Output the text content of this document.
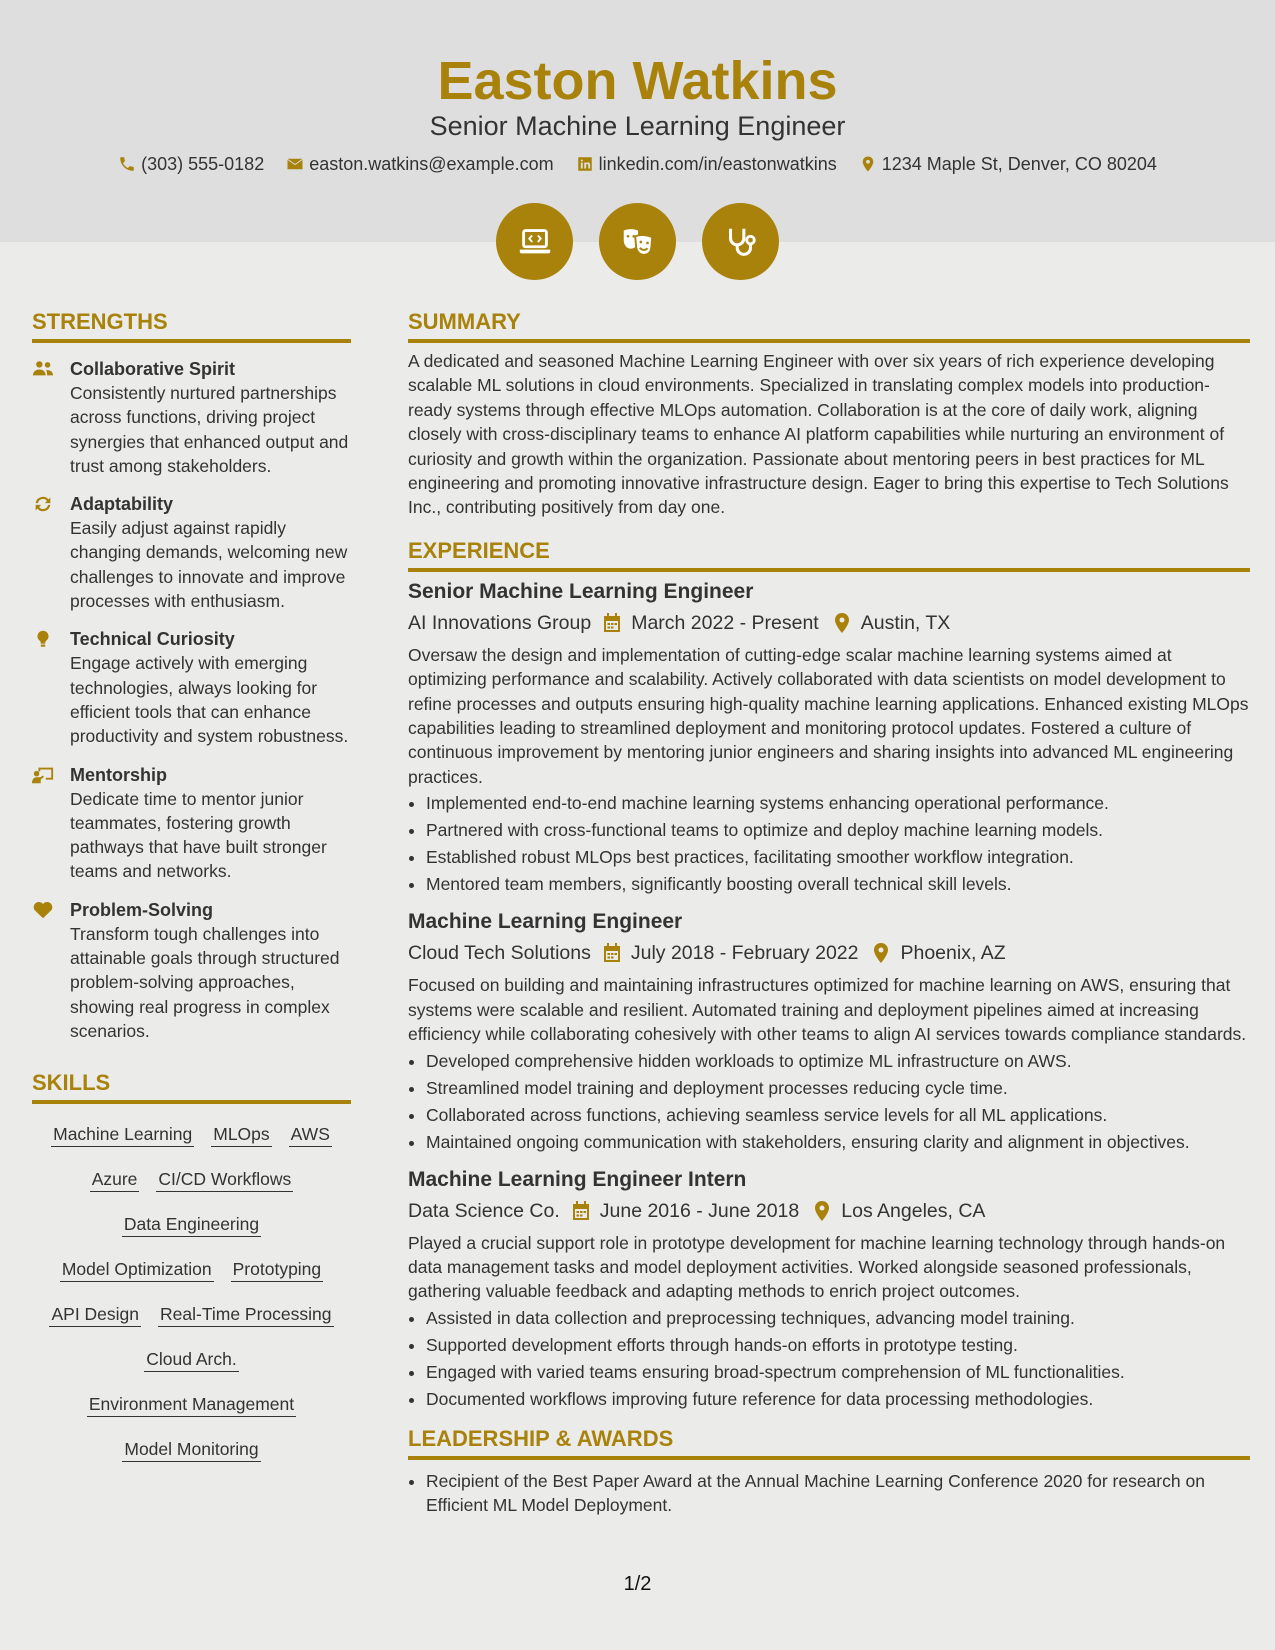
Easton Watkins
Senior Machine Learning Engineer
(303) 555-0182	easton.watkins@example.com	linkedin.com/in/eastonwatkins	1234 Maple St, Denver, CO 80204
STRENGTHS
Collaborative Spirit
Consistently nurtured partnerships across functions, driving project synergies that enhanced output and trust among stakeholders.
Adaptability
Easily adjust against rapidly changing demands, welcoming new challenges to innovate and improve processes with enthusiasm.
Technical Curiosity
Engage actively with emerging technologies, always looking for efficient tools that can enhance productivity and system robustness.
Mentorship
Dedicate time to mentor junior teammates, fostering growth pathways that have built stronger teams and networks.
Problem-Solving
Transform tough challenges into attainable goals through structured problem-solving approaches, showing real progress in complex scenarios.
SKILLS
Machine Learning MLOps AWS
Azure CI/CD Workflows
Data Engineering
Model Optimization Prototyping
API Design Real-Time Processing
Cloud Arch.
Environment Management
Model Monitoring
SUMMARY

A dedicated and seasoned Machine Learning Engineer with over six years of rich experience developing scalable ML solutions in cloud environments. Specialized in translating complex models into production-ready systems through effective MLOps automation. Collaboration is at the core of daily work, aligning closely with cross-disciplinary teams to enhance AI platform capabilities while nurturing an environment of curiosity and growth within the organization. Passionate about mentoring peers in best practices for ML engineering and promoting innovative infrastructure design. Eager to bring this expertise to Tech Solutions Inc., contributing positively from day one.

EXPERIENCE
Senior Machine Learning Engineer
AI Innovations Group March 2022 - Present Austin, TX
Oversaw the design and implementation of cutting-edge scalar machine learning systems aimed at optimizing performance and scalability. Actively collaborated with data scientists on model development to refine processes and outputs ensuring high-quality machine learning applications. Enhanced existing MLOps capabilities leading to streamlined deployment and monitoring protocol updates. Fostered a culture of continuous improvement by mentoring junior engineers and sharing insights into advanced ML engineering practices.
• Implemented end-to-end machine learning systems enhancing operational performance.
• Partnered with cross-functional teams to optimize and deploy machine learning models.
• Established robust MLOps best practices, facilitating smoother workflow integration.
• Mentored team members, significantly boosting overall technical skill levels.
Machine Learning Engineer
Cloud Tech Solutions July 2018 - February 2022 Phoenix, AZ
Focused on building and maintaining infrastructures optimized for machine learning on AWS, ensuring that systems were scalable and resilient. Automated training and deployment pipelines aimed at increasing efficiency while collaborating cohesively with other teams to align AI services towards compliance standards.
• Developed comprehensive hidden workloads to optimize ML infrastructure on AWS.
• Streamlined model training and deployment processes reducing cycle time.
• Collaborated across functions, achieving seamless service levels for all ML applications.
• Maintained ongoing communication with stakeholders, ensuring clarity and alignment in objectives.
Machine Learning Engineer Intern
Data Science Co. June 2016 - June 2018 Los Angeles, CA
Played a crucial support role in prototype development for machine learning technology through hands-on data management tasks and model deployment activities. Worked alongside seasoned professionals, gathering valuable feedback and adapting methods to enrich project outcomes.
• Assisted in data collection and preprocessing techniques, advancing model training.
• Supported development efforts through hands-on efforts in prototype testing.
• Engaged with varied teams ensuring broad-spectrum comprehension of ML functionalities.
• Documented workflows improving future reference for data processing methodologies.
LEADERSHIP & AWARDS
• Recipient of the Best Paper Award at the Annual Machine Learning Conference 2020 for research on Efficient ML Model Deployment.
1/2
